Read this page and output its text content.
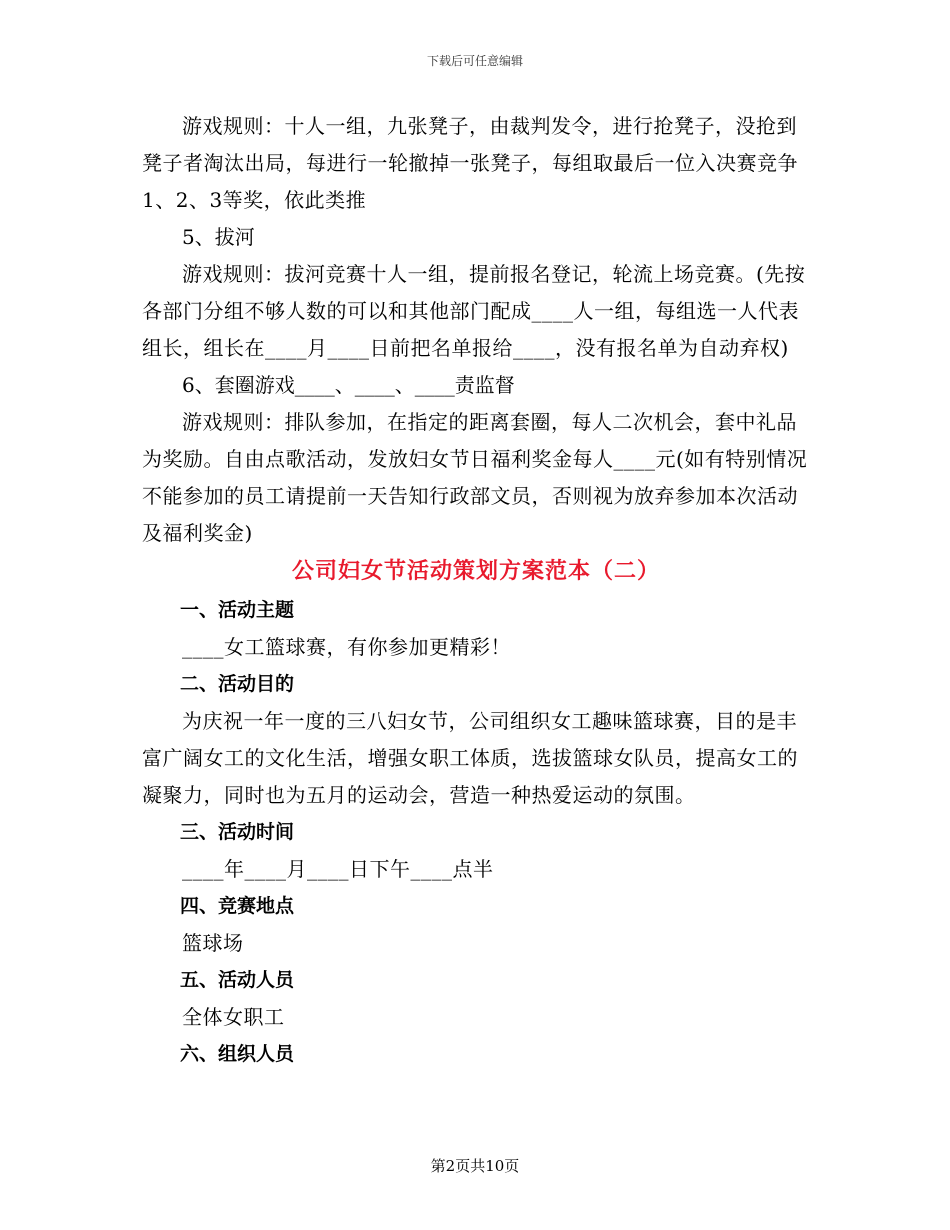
下载后可任意编辑

游戏规则：十人一组，九张凳子，由裁判发令，进行抢凳子，没抢到凳子者淘汰出局，每进行一轮撤掉一张凳子，每组取最后一位入决赛竞争1、2、3等奖，依此类推

5、拔河

游戏规则：拔河竞赛十人一组，提前报名登记，轮流上场竞赛。(先按各部门分组不够人数的可以和其他部门配成____人一组，每组选一人代表组长，组长在____月____日前把名单报给____，没有报名单为自动弃权)

6、套圈游戏____、____、____责监督

游戏规则：排队参加，在指定的距离套圈，每人二次机会，套中礼品为奖励。自由点歌活动，发放妇女节日福利奖金每人____元(如有特别情况不能参加的员工请提前一天告知行政部文员，否则视为放弃参加本次活动及福利奖金)

公司妇女节活动策划方案范本（二）

一、活动主题

____女工篮球赛，有你参加更精彩！

二、活动目的

为庆祝一年一度的三八妇女节，公司组织女工趣味篮球赛，目的是丰富广阔女工的文化生活，增强女职工体质，选拔篮球女队员，提高女工的凝聚力，同时也为五月的运动会，营造一种热爱运动的氛围。

三、活动时间

____年____月____日下午____点半

四、竞赛地点

篮球场

五、活动人员

全体女职工

六、组织人员

第2页共10页
